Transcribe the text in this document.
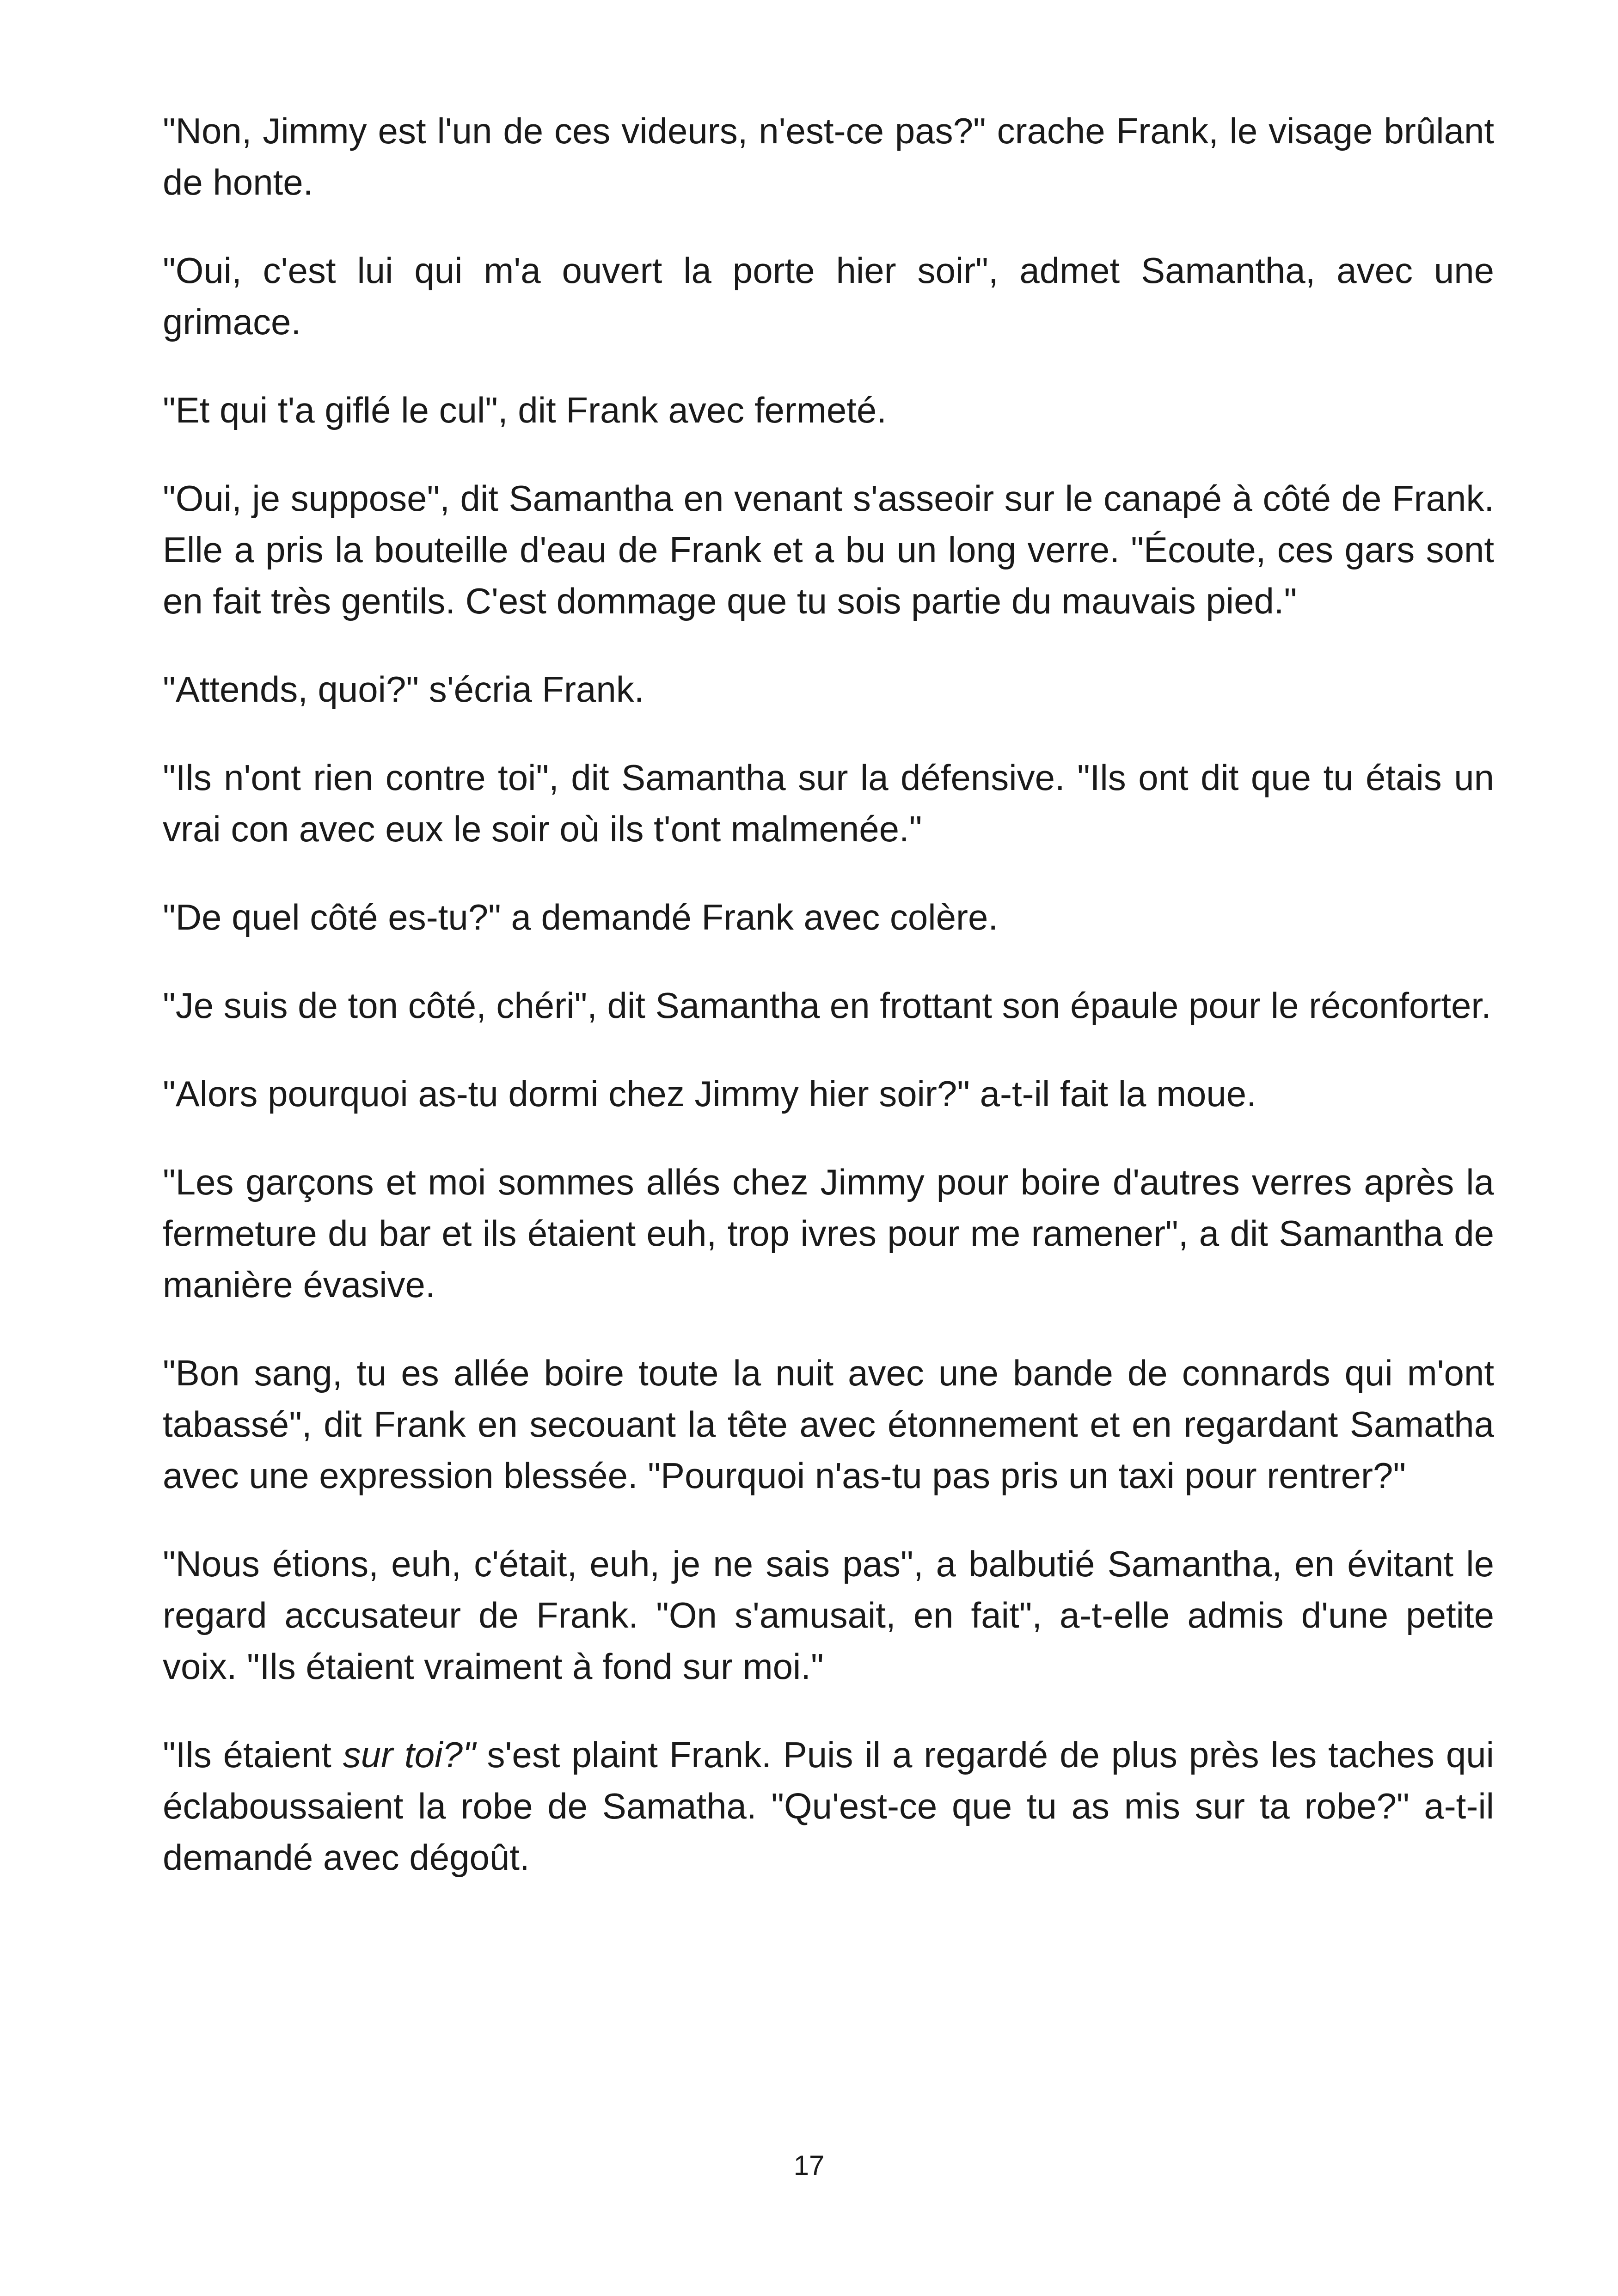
"Non, Jimmy est l'un de ces videurs, n'est-ce pas?" crache Frank, le visage brûlant de honte.

"Oui, c'est lui qui m'a ouvert la porte hier soir", admet Samantha, avec une grimace.

"Et qui t'a giflé le cul", dit Frank avec fermeté.

"Oui, je suppose", dit Samantha en venant s'asseoir sur le canapé à côté de Frank. Elle a pris la bouteille d'eau de Frank et a bu un long verre. "Écoute, ces gars sont en fait très gentils. C'est dommage que tu sois partie du mauvais pied."

"Attends, quoi?" s'écria Frank.

"Ils n'ont rien contre toi", dit Samantha sur la défensive. "Ils ont dit que tu étais un vrai con avec eux le soir où ils t'ont malmenée."

"De quel côté es-tu?" a demandé Frank avec colère.

"Je suis de ton côté, chéri", dit Samantha en frottant son épaule pour le réconforter.

"Alors pourquoi as-tu dormi chez Jimmy hier soir?" a-t-il fait la moue.

"Les garçons et moi sommes allés chez Jimmy pour boire d'autres verres après la fermeture du bar et ils étaient euh, trop ivres pour me ramener", a dit Samantha de manière évasive.

"Bon sang, tu es allée boire toute la nuit avec une bande de connards qui m'ont tabassé", dit Frank en secouant la tête avec étonnement et en regardant Samatha avec une expression blessée. "Pourquoi n'as-tu pas pris un taxi pour rentrer?"

"Nous étions, euh, c'était, euh, je ne sais pas", a balbutié Samantha, en évitant le regard accusateur de Frank. "On s'amusait, en fait", a-t-elle admis d'une petite voix. "Ils étaient vraiment à fond sur moi."

"Ils étaient sur toi?" s'est plaint Frank. Puis il a regardé de plus près les taches qui éclaboussaient la robe de Samatha. "Qu'est-ce que tu as mis sur ta robe?" a-t-il demandé avec dégoût.

17
